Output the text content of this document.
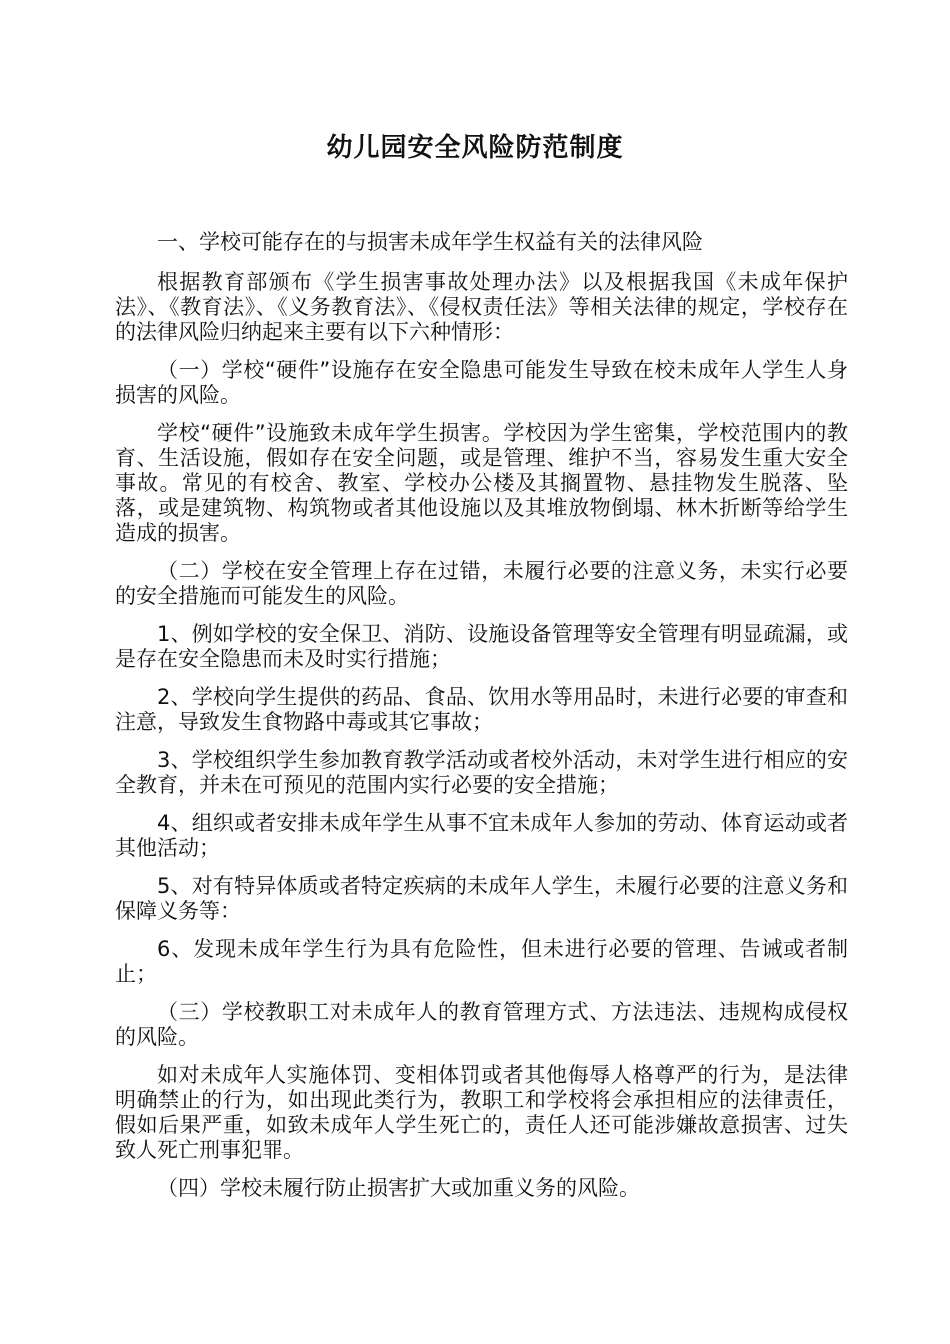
幼儿园安全风险防范制度

一、学校可能存在的与损害未成年学生权益有关的法律风险

根据教育部颁布《学生损害事故处理办法》以及根据我国《未成年保护法》、《教育法》、《义务教育法》、《侵权责任法》等相关法律的规定，学校存在的法律风险归纳起来主要有以下六种情形：

（一）学校“硬件”设施存在安全隐患可能发生导致在校未成年人学生人身损害的风险。

学校“硬件”设施致未成年学生损害。学校因为学生密集，学校范围内的教育、生活设施，假如存在安全问题，或是管理、维护不当，容易发生重大安全事故。常见的有校舍、教室、学校办公楼及其搁置物、悬挂物发生脱落、坠落，或是建筑物、构筑物或者其他设施以及其堆放物倒塌、林木折断等给学生造成的损害。

（二）学校在安全管理上存在过错，未履行必要的注意义务，未实行必要的安全措施而可能发生的风险。

1、例如学校的安全保卫、消防、设施设备管理等安全管理有明显疏漏，或是存在安全隐患而未及时实行措施；

2、学校向学生提供的药品、食品、饮用水等用品时，未进行必要的审查和注意，导致发生食物路中毒或其它事故；

3、学校组织学生参加教育教学活动或者校外活动，未对学生进行相应的安全教育，并未在可预见的范围内实行必要的安全措施；

4、组织或者安排未成年学生从事不宜未成年人参加的劳动、体育运动或者其他活动；

5、对有特异体质或者特定疾病的未成年人学生，未履行必要的注意义务和保障义务等：

6、发现未成年学生行为具有危险性，但未进行必要的管理、告诫或者制止；

（三）学校教职工对未成年人的教育管理方式、方法违法、违规构成侵权的风险。

如对未成年人实施体罚、变相体罚或者其他侮辱人格尊严的行为，是法律明确禁止的行为，如出现此类行为，教职工和学校将会承担相应的法律责任，假如后果严重，如致未成年人学生死亡的，责任人还可能涉嫌故意损害、过失致人死亡刑事犯罪。

（四）学校未履行防止损害扩大或加重义务的风险。
